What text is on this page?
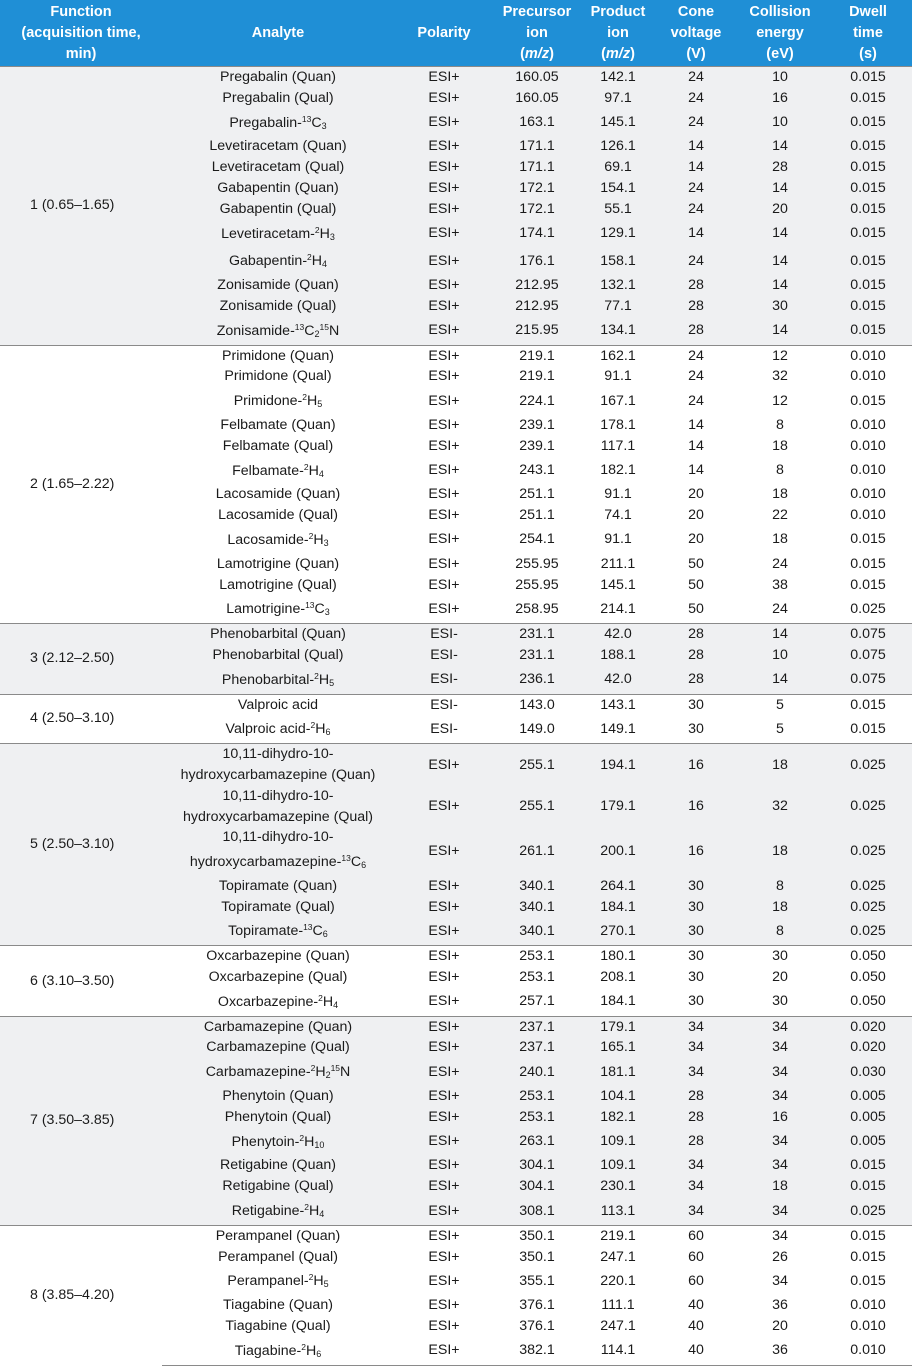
Function
(acquisition time,
min)	Analyte	Polarity	Precursor
ion
(m/z)	Product
ion
(m/z)	Cone
voltage
(V)	Collision
energy
(eV)	Dwell
time
(s)
1 (0.65–1.65)	Pregabalin (Quan)	ESI+	160.05	142.1	24	10	0.015
	Pregabalin (Qual)	ESI+	160.05	97.1	24	16	0.015
	Pregabalin-$^{13}C_3$	ESI+	163.1	145.1	24	10	0.015
	Levetiracetam (Quan)	ESI+	171.1	126.1	14	14	0.015
	Levetiracetam (Qual)	ESI+	171.1	69.1	14	28	0.015
	Gabapentin (Quan)	ESI+	172.1	154.1	24	14	0.015
	Gabapentin (Qual)	ESI+	172.1	55.1	24	20	0.015
	Levetiracetam-$^2H_3$	ESI+	174.1	129.1	14	14	0.015
	Gabapentin-$^2H_4$	ESI+	176.1	158.1	24	14	0.015
	Zonisamide (Quan)	ESI+	212.95	132.1	28	14	0.015
	Zonisamide (Qual)	ESI+	212.95	77.1	28	30	0.015
	Zonisamide-$^{13}C_2^{15}N$	ESI+	215.95	134.1	28	14	0.015
2 (1.65–2.22)	Primidone (Quan)	ESI+	219.1	162.1	24	12	0.010
	Primidone (Qual)	ESI+	219.1	91.1	24	32	0.010
	Primidone-$^2H_5$	ESI+	224.1	167.1	24	12	0.015
	Felbamate (Quan)	ESI+	239.1	178.1	14	8	0.010
	Felbamate (Qual)	ESI+	239.1	117.1	14	18	0.010
	Felbamate-$^2H_4$	ESI+	243.1	182.1	14	8	0.010
	Lacosamide (Quan)	ESI+	251.1	91.1	20	18	0.010
	Lacosamide (Qual)	ESI+	251.1	74.1	20	22	0.010
	Lacosamide-$^2H_3$	ESI+	254.1	91.1	20	18	0.015
	Lamotrigine (Quan)	ESI+	255.95	211.1	50	24	0.015
	Lamotrigine (Qual)	ESI+	255.95	145.1	50	38	0.015
	Lamotrigine-$^{13}C_3$	ESI+	258.95	214.1	50	24	0.025
3 (2.12–2.50)	Phenobarbital (Quan)	ESI-	231.1	42.0	28	14	0.075
	Phenobarbital (Qual)	ESI-	231.1	188.1	28	10	0.075
	Phenobarbital-$^2H_5$	ESI-	236.1	42.0	28	14	0.075
4 (2.50–3.10)	Valproic acid	ESI-	143.0	143.1	30	5	0.015
	Valproic acid-$^2H_6$	ESI-	149.0	149.1	30	5	0.015
5 (2.50–3.10)	10,11-dihydro-10-
hydroxycarbamazepine (Quan)	ESI+	255.1	194.1	16	18	0.025
	10,11-dihydro-10-
hydroxycarbamazepine (Qual)	ESI+	255.1	179.1	16	32	0.025
	10,11-dihydro-10-
hydroxycarbamazepine-$^{13}C_6$	ESI+	261.1	200.1	16	18	0.025
	Topiramate (Quan)	ESI+	340.1	264.1	30	8	0.025
	Topiramate (Qual)	ESI+	340.1	184.1	30	18	0.025
	Topiramate-$^{13}C_6$	ESI+	340.1	270.1	30	8	0.025
6 (3.10–3.50)	Oxcarbazepine (Quan)	ESI+	253.1	180.1	30	30	0.050
	Oxcarbazepine (Qual)	ESI+	253.1	208.1	30	20	0.050
	Oxcarbazepine-$^2H_4$	ESI+	257.1	184.1	30	30	0.050
7 (3.50–3.85)	Carbamazepine (Quan)	ESI+	237.1	179.1	34	34	0.020
	Carbamazepine (Qual)	ESI+	237.1	165.1	34	34	0.020
	Carbamazepine-$^2H_2^{15}N$	ESI+	240.1	181.1	34	34	0.030
	Phenytoin (Quan)	ESI+	253.1	104.1	28	34	0.005
	Phenytoin (Qual)	ESI+	253.1	182.1	28	16	0.005
	Phenytoin-$^2H_{10}$	ESI+	263.1	109.1	28	34	0.005
	Retigabine (Quan)	ESI+	304.1	109.1	34	34	0.015
	Retigabine (Qual)	ESI+	304.1	230.1	34	18	0.015
	Retigabine-$^2H_4$	ESI+	308.1	113.1	34	34	0.025
8 (3.85–4.20)	Perampanel (Quan)	ESI+	350.1	219.1	60	34	0.015
	Perampanel (Qual)	ESI+	350.1	247.1	60	26	0.015
	Perampanel-$^2H_5$	ESI+	355.1	220.1	60	34	0.015
	Tiagabine (Quan)	ESI+	376.1	111.1	40	36	0.010
	Tiagabine (Qual)	ESI+	376.1	247.1	40	20	0.010
	Tiagabine-$^2H_6$	ESI+	382.1	114.1	40	36	0.010
